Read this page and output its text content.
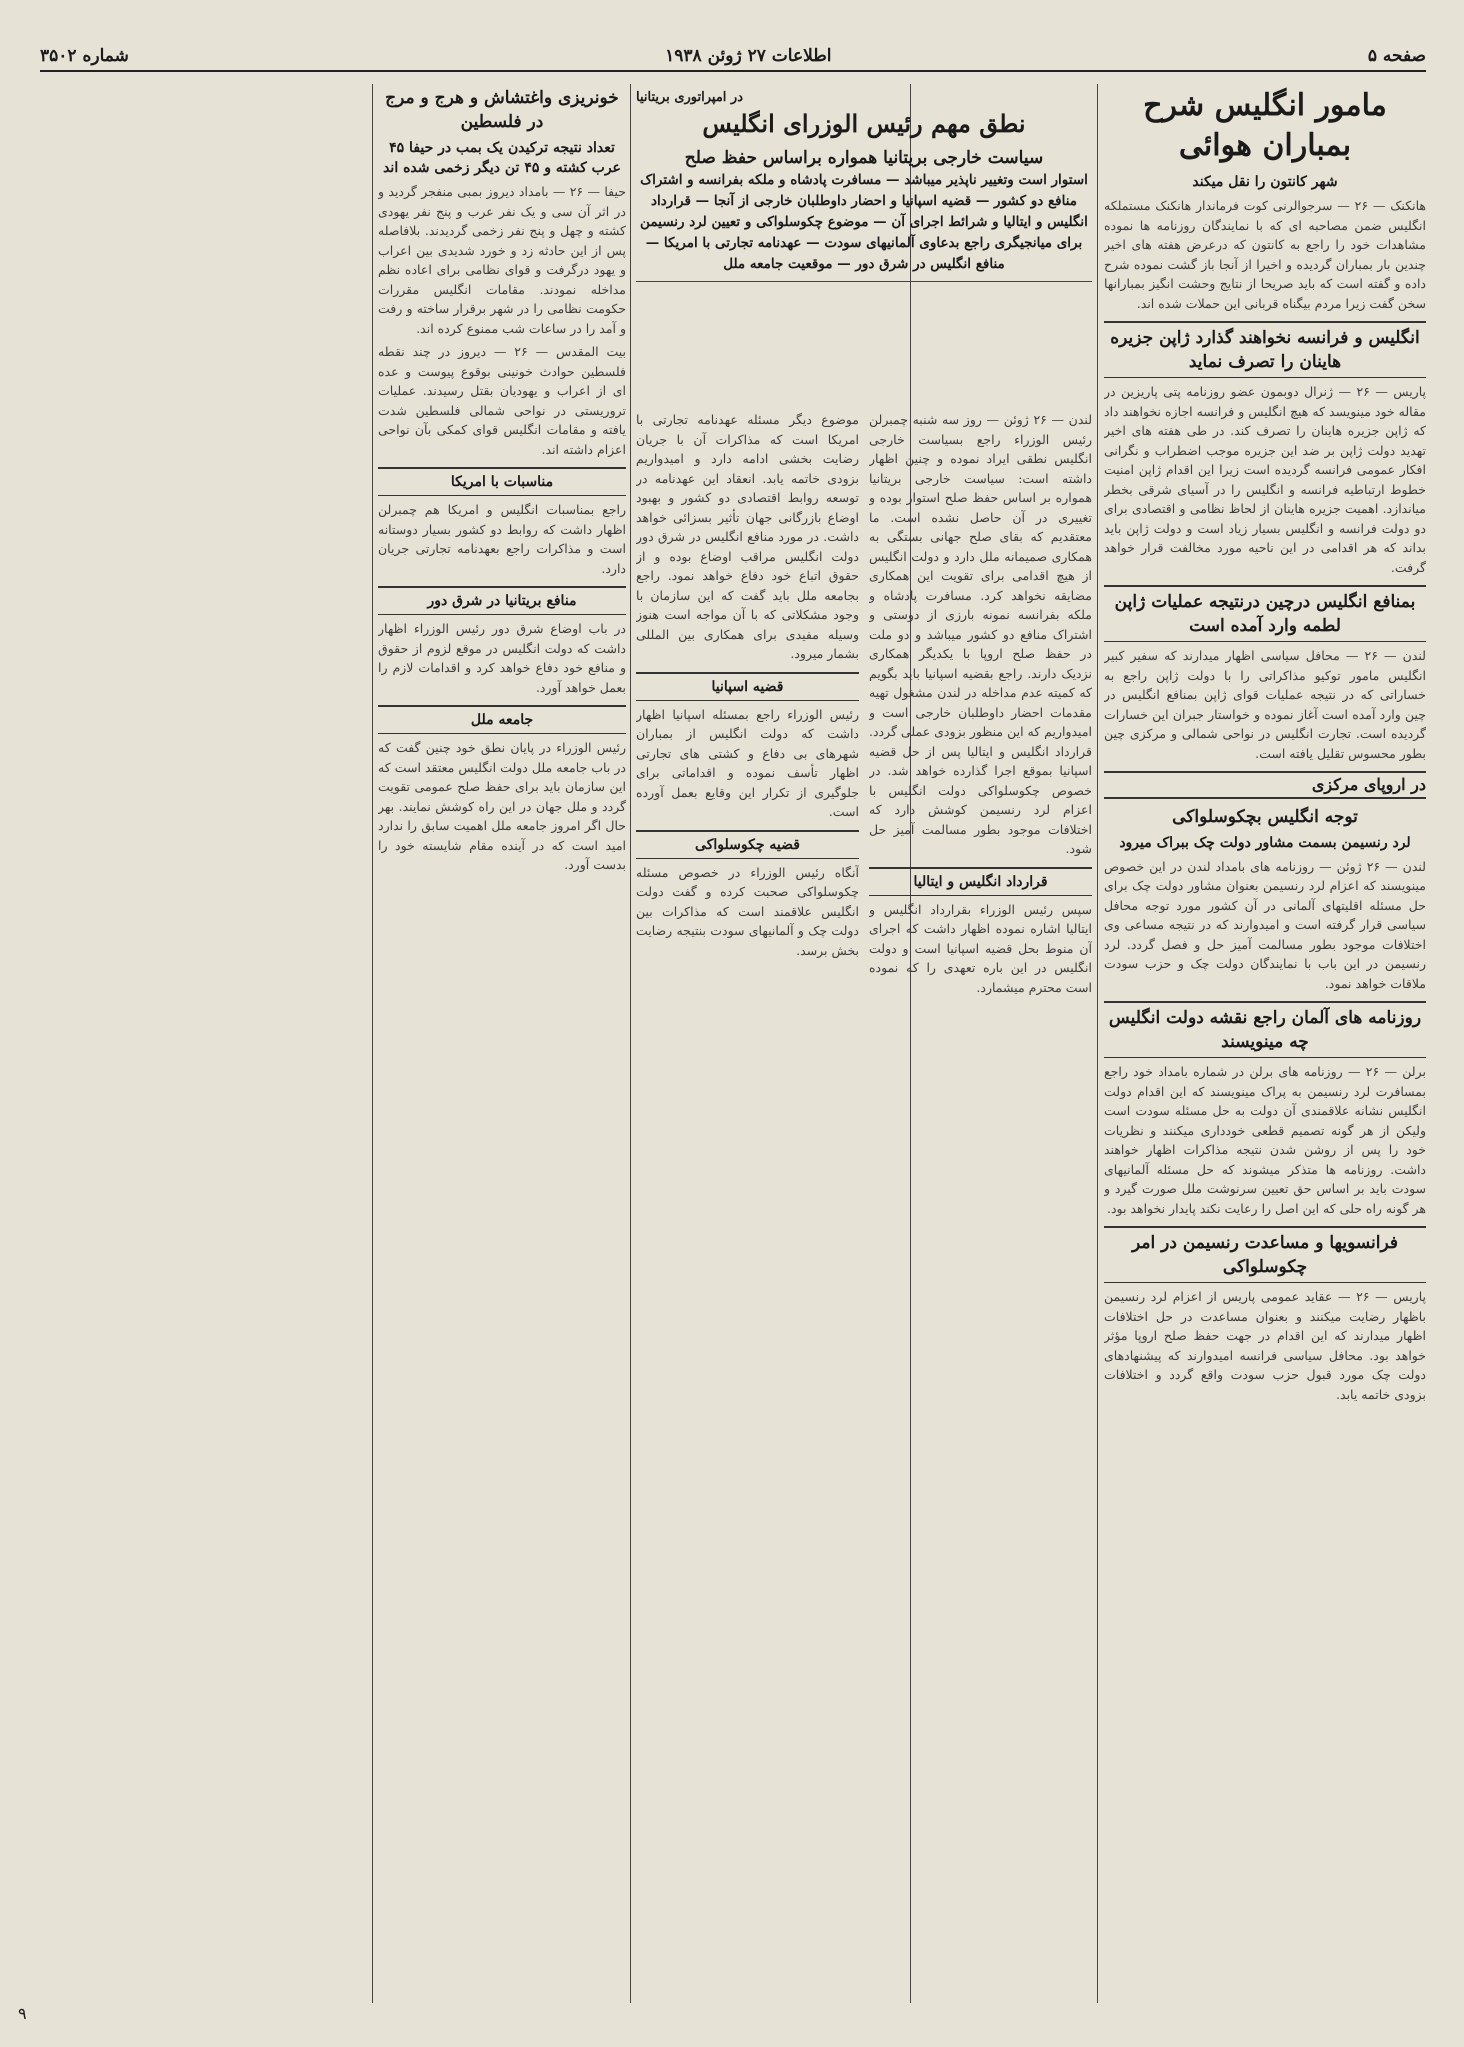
صفحه ۵
اطلاعات ۲۷ ژوئن ۱۹۳۸
شماره ۳۵۰۲
مامور انگلیس شرح بمباران هوائی
شهر کانتون را نقل میکند

هانکنک — ۲۶ — سرجوالرنی کوت فرماندار هانکنک مستملکه انگلیس ضمن مصاحبه ای که با نمایندگان روزنامه ها نموده مشاهدات خود را راجع به کانتون که درعرض هفته های اخیر چندین بار بمباران گردیده و اخیرا از آنجا باز گشت نموده شرح داده و گفته است که باید صریحا از نتایج وحشت انگیز بمبارانها سخن گفت زیرا مردم بیگناه قربانی این حملات شده اند.

انگلیس و فرانسه نخواهند گذارد ژاپن جزیره هاینان را تصرف نماید

پاریس — ۲۶ — ژنرال دوبمون عضو روزنامه پتی پاریزین در مقاله خود مینویسد که هیچ انگلیس و فرانسه اجازه نخواهند داد که ژاپن جزیره هاینان را تصرف کند. در طی هفته های اخیر تهدید دولت ژاپن بر ضد این جزیره موجب اضطراب و نگرانی افکار عمومی فرانسه گردیده است زیرا این اقدام ژاپن امنیت خطوط ارتباطیه فرانسه و انگلیس را در آسیای شرقی بخطر میاندازد. اهمیت جزیره هاینان از لحاظ نظامی و اقتصادی برای دو دولت فرانسه و انگلیس بسیار زیاد است و دولت ژاپن باید بداند که هر اقدامی در این ناحیه مورد مخالفت قرار خواهد گرفت.

بمنافع انگلیس درچین درنتیجه عملیات ژاپن لطمه وارد آمده است

لندن — ۲۶ — محافل سیاسی اظهار میدارند که سفیر کبیر انگلیس مامور توکیو مذاکراتی را با دولت ژاپن راجع به خساراتی که در نتیجه عملیات قوای ژاپن بمنافع انگلیس در چین وارد آمده است آغاز نموده و خواستار جبران این خسارات گردیده است. تجارت انگلیس در نواحی شمالی و مرکزی چین بطور محسوس تقلیل یافته است.

در اروپای مرکزی
توجه انگلیس بچکوسلواکی
لرد رنسیمن بسمت مشاور دولت چک ببراک میرود

لندن — ۲۶ ژوئن — روزنامه های بامداد لندن در این خصوص مینویسند که اعزام لرد رنسیمن بعنوان مشاور دولت چک برای حل مسئله اقلیتهای آلمانی در آن کشور مورد توجه محافل سیاسی قرار گرفته است و امیدوارند که در نتیجه مساعی وی اختلافات موجود بطور مسالمت آمیز حل و فصل گردد. لرد رنسیمن در این باب با نمایندگان دولت چک و حزب سودت ملاقات خواهد نمود.

روزنامه های آلمان راجع نقشه دولت انگلیس چه مینویسند

برلن — ۲۶ — روزنامه های برلن در شماره بامداد خود راجع بمسافرت لرد رنسیمن به پراک مینویسند که این اقدام دولت انگلیس نشانه علاقمندی آن دولت به حل مسئله سودت است ولیکن از هر گونه تصمیم قطعی خودداری میکنند و نظریات خود را پس از روشن شدن نتیجه مذاکرات اظهار خواهند داشت. روزنامه ها متذکر میشوند که حل مسئله آلمانیهای سودت باید بر اساس حق تعیین سرنوشت ملل صورت گیرد و هر گونه راه حلی که این اصل را رعایت نکند پایدار نخواهد بود.

فرانسویها و مساعدت رنسیمن در امر چکوسلواکی

پاریس — ۲۶ — عقاید عمومی پاریس از اعزام لرد رنسیمن باظهار رضایت میکنند و بعنوان مساعدت در حل اختلافات اظهار میدارند که این اقدام در جهت حفظ صلح اروپا مؤثر خواهد بود. محافل سیاسی فرانسه امیدوارند که پیشنهادهای دولت چک مورد قبول حزب سودت واقع گردد و اختلافات بزودی خاتمه یابد.

در امپراتوری بریتانیا
نطق مهم رئیس الوزرای انگلیس
سیاست خارجی بریتانیا همواره براساس حفظ صلح
استوار است وتغییر ناپذیر میباشد — مسافرت پادشاه و ملکه بفرانسه و اشتراک منافع دو کشور — قضیه اسپانیا و احضار داوطلبان خارجی از آنجا — قرارداد انگلیس و ایتالیا و شرائط اجرای آن — موضوع چکوسلواکی و تعیین لرد رنسیمن برای میانجیگری راجع بدعاوی آلمانیهای سودت — عهدنامه تجارتی با امریکا — منافع انگلیس در شرق دور — موقعیت جامعه ملل

لندن — ۲۶ ژوئن — روز سه شنبه چمبرلن رئیس الوزراء راجع بسیاست خارجی انگلیس نطقی ایراد نموده و چنین اظهار داشته است: سیاست خارجی بریتانیا همواره بر اساس حفظ صلح استوار بوده و تغییری در آن حاصل نشده است. ما معتقدیم که بقای صلح جهانی بستگی به همکاری صمیمانه ملل دارد و دولت انگلیس از هیچ اقدامی برای تقویت این همکاری مضایقه نخواهد کرد. مسافرت پادشاه و ملکه بفرانسه نمونه بارزی از دوستی و اشتراک منافع دو کشور میباشد و دو ملت در حفظ صلح اروپا با یکدیگر همکاری نزدیک دارند. راجع بقضیه اسپانیا باید بگویم که کمیته عدم مداخله در لندن مشغول تهیه مقدمات احضار داوطلبان خارجی است و امیدواریم که این منظور بزودی عملی گردد. قرارداد انگلیس و ایتالیا پس از حل قضیه اسپانیا بموقع اجرا گذارده خواهد شد. در خصوص چکوسلواکی دولت انگلیس با اعزام لرد رنسیمن کوشش دارد که اختلافات موجود بطور مسالمت آمیز حل شود.

قرارداد انگلیس و ایتالیا

سپس رئیس الوزراء بقرارداد انگلیس و ایتالیا اشاره نموده اظهار داشت که اجرای آن منوط بحل قضیه اسپانیا است و دولت انگلیس در این باره تعهدی را که نموده است محترم میشمارد.

موضوع دیگر مسئله عهدنامه تجارتی با امریکا است که مذاکرات آن با جریان رضایت بخشی ادامه دارد و امیدواریم بزودی خاتمه یابد. انعقاد این عهدنامه در توسعه روابط اقتصادی دو کشور و بهبود اوضاع بازرگانی جهان تأثیر بسزائی خواهد داشت. در مورد منافع انگلیس در شرق دور دولت انگلیس مراقب اوضاع بوده و از حقوق اتباع خود دفاع خواهد نمود. راجع بجامعه ملل باید گفت که این سازمان با وجود مشکلاتی که با آن مواجه است هنوز وسیله مفیدی برای همکاری بین المللی بشمار میرود.

قضیه اسپانیا

رئیس الوزراء راجع بمسئله اسپانیا اظهار داشت که دولت انگلیس از بمباران شهرهای بی دفاع و کشتی های تجارتی اظهار تأسف نموده و اقداماتی برای جلوگیری از تکرار این وقایع بعمل آورده است.

قضیه چکوسلواکی

آنگاه رئیس الوزراء در خصوص مسئله چکوسلواکی صحبت کرده و گفت دولت انگلیس علاقمند است که مذاکرات بین دولت چک و آلمانیهای سودت بنتیجه رضایت بخش برسد.

خونریزی واغتشاش و هرج و مرج در فلسطین
تعداد نتیجه ترکیدن یک بمب در حیفا ۴۵ عرب کشته و ۴۵ تن دیگر زخمی شده اند

حیفا — ۲۶ — بامداد دیروز بمبی منفجر گردید و در اثر آن سی و یک نفر عرب و پنج نفر یهودی کشته و چهل و پنج نفر زخمی گردیدند. بلافاصله پس از این حادثه زد و خورد شدیدی بین اعراب و یهود درگرفت و قوای نظامی برای اعاده نظم مداخله نمودند. مقامات انگلیس مقررات حکومت نظامی را در شهر برقرار ساخته و رفت و آمد را در ساعات شب ممنوع کرده اند.

بیت المقدس — ۲۶ — دیروز در چند نقطه فلسطین حوادث خونینی بوقوع پیوست و عده ای از اعراب و یهودیان بقتل رسیدند. عملیات تروریستی در نواحی شمالی فلسطین شدت یافته و مقامات انگلیس قوای کمکی بآن نواحی اعزام داشته اند.

مناسبات با امریکا

راجع بمناسبات انگلیس و امریکا هم چمبرلن اظهار داشت که روابط دو کشور بسیار دوستانه است و مذاکرات راجع بعهدنامه تجارتی جریان دارد.

منافع بریتانیا در شرق دور

در باب اوضاع شرق دور رئیس الوزراء اظهار داشت که دولت انگلیس در موقع لزوم از حقوق و منافع خود دفاع خواهد کرد و اقدامات لازم را بعمل خواهد آورد.

جامعه ملل

رئیس الوزراء در پایان نطق خود چنین گفت که در باب جامعه ملل دولت انگلیس معتقد است که این سازمان باید برای حفظ صلح عمومی تقویت گردد و ملل جهان در این راه کوشش نمایند. بهر حال اگر امروز جامعه ملل اهمیت سابق را ندارد امید است که در آینده مقام شایسته خود را بدست آورد.

۹
